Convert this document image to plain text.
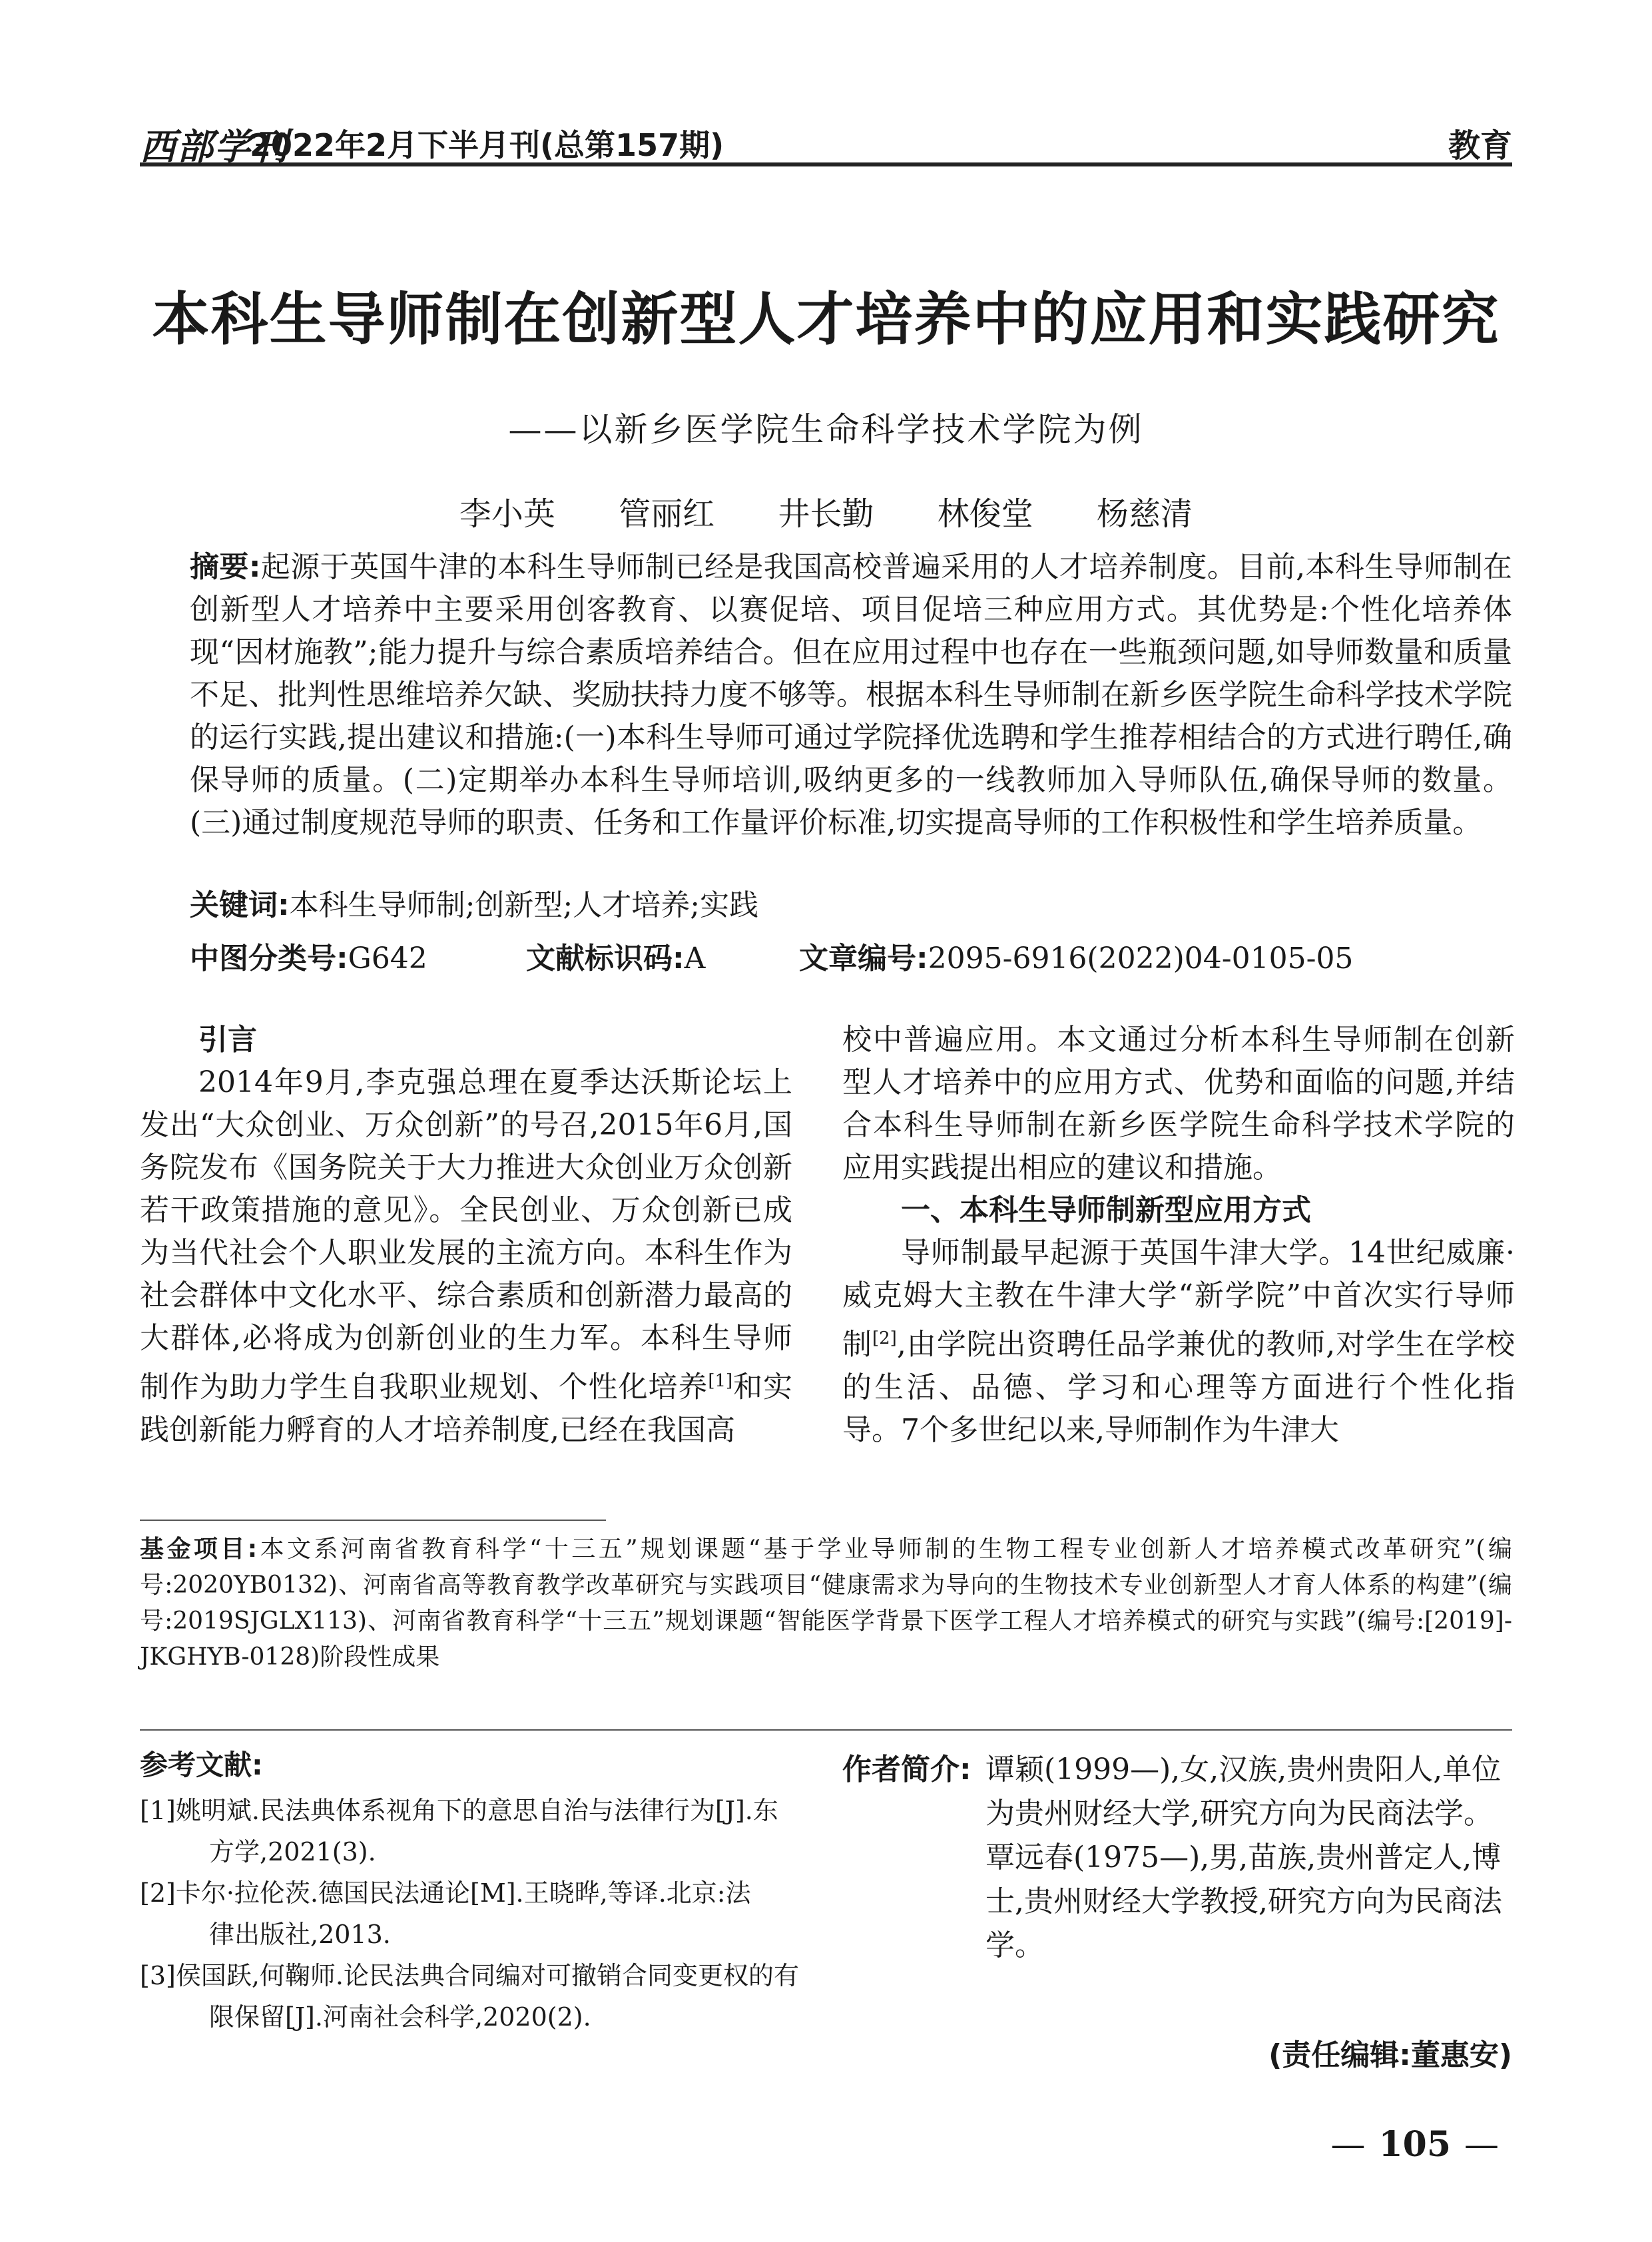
西部学刊
2022年2月下半月刊(总第157期)	教育
本科生导师制在创新型人才培养中的应用和实践研究
——以新乡医学院生命科学技术学院为例
李小英 管丽红 井长勤 林俊堂 杨慈清
摘要:起源于英国牛津的本科生导师制已经是我国高校普遍采用的人才培养制度。目前,本科生导师制在创新型人才培养中主要采用创客教育、以赛促培、项目促培三种应用方式。其优势是:个性化培养体现“因材施教”;能力提升与综合素质培养结合。但在应用过程中也存在一些瓶颈问题,如导师数量和质量不足、批判性思维培养欠缺、奖励扶持力度不够等。根据本科生导师制在新乡医学院生命科学技术学院的运行实践,提出建议和措施:(一)本科生导师可通过学院择优选聘和学生推荐相结合的方式进行聘任,确保导师的质量。(二)定期举办本科生导师培训,吸纳更多的一线教师加入导师队伍,确保导师的数量。(三)通过制度规范导师的职责、任务和工作量评价标准,切实提高导师的工作积极性和学生培养质量。
关键词:本科生导师制;创新型;人才培养;实践
中图分类号:G642	文献标识码:A	文章编号:2095-6916(2022)04-0105-05

引言

2014年9月,李克强总理在夏季达沃斯论坛上发出“大众创业、万众创新”的号召,2015年6月,国务院发布《国务院关于大力推进大众创业万众创新若干政策措施的意见》。全民创业、万众创新已成为当代社会个人职业发展的主流方向。本科生作为社会群体中文化水平、综合素质和创新潜力最高的大群体,必将成为创新创业的生力军。本科生导师制作为助力学生自我职业规划、个性化培养[1]和实践创新能力孵育的人才培养制度,已经在我国高

校中普遍应用。本文通过分析本科生导师制在创新型人才培养中的应用方式、优势和面临的问题,并结合本科生导师制在新乡医学院生命科学技术学院的应用实践提出相应的建议和措施。

一、本科生导师制新型应用方式

导师制最早起源于英国牛津大学。14世纪威廉·威克姆大主教在牛津大学“新学院”中首次实行导师制[2],由学院出资聘任品学兼优的教师,对学生在学校的生活、品德、学习和心理等方面进行个性化指导。7个多世纪以来,导师制作为牛津大

基金项目:本文系河南省教育科学“十三五”规划课题“基于学业导师制的生物工程专业创新人才培养模式改革研究”(编号:2020YB0132)、河南省高等教育教学改革研究与实践项目“健康需求为导向的生物技术专业创新型人才育人体系的构建”(编号:2019SJGLX113)、河南省教育科学“十三五”规划课题“智能医学背景下医学工程人才培养模式的研究与实践”(编号:[2019]-JKGHYB-0128)阶段性成果
参考文献:

[1]姚明斌.民法典体系视角下的意思自治与法律行为[J].东
方学,2021(3).

[2]卡尔·拉伦茨.德国民法通论[M].王晓晔,等译.北京:法
律出版社,2013.

[3]侯国跃,何鞠师.论民法典合同编对可撤销合同变更权的有
限保留[J].河南社会科学,2020(2).

作者简介: 谭颖(1999—),女,汉族,贵州贵阳人,单位为贵州财经大学,研究方向为民商法学。

覃远春(1975—),男,苗族,贵州普定人,博士,贵州财经大学教授,研究方向为民商法学。

(责任编辑:董惠安)
— 105 —
